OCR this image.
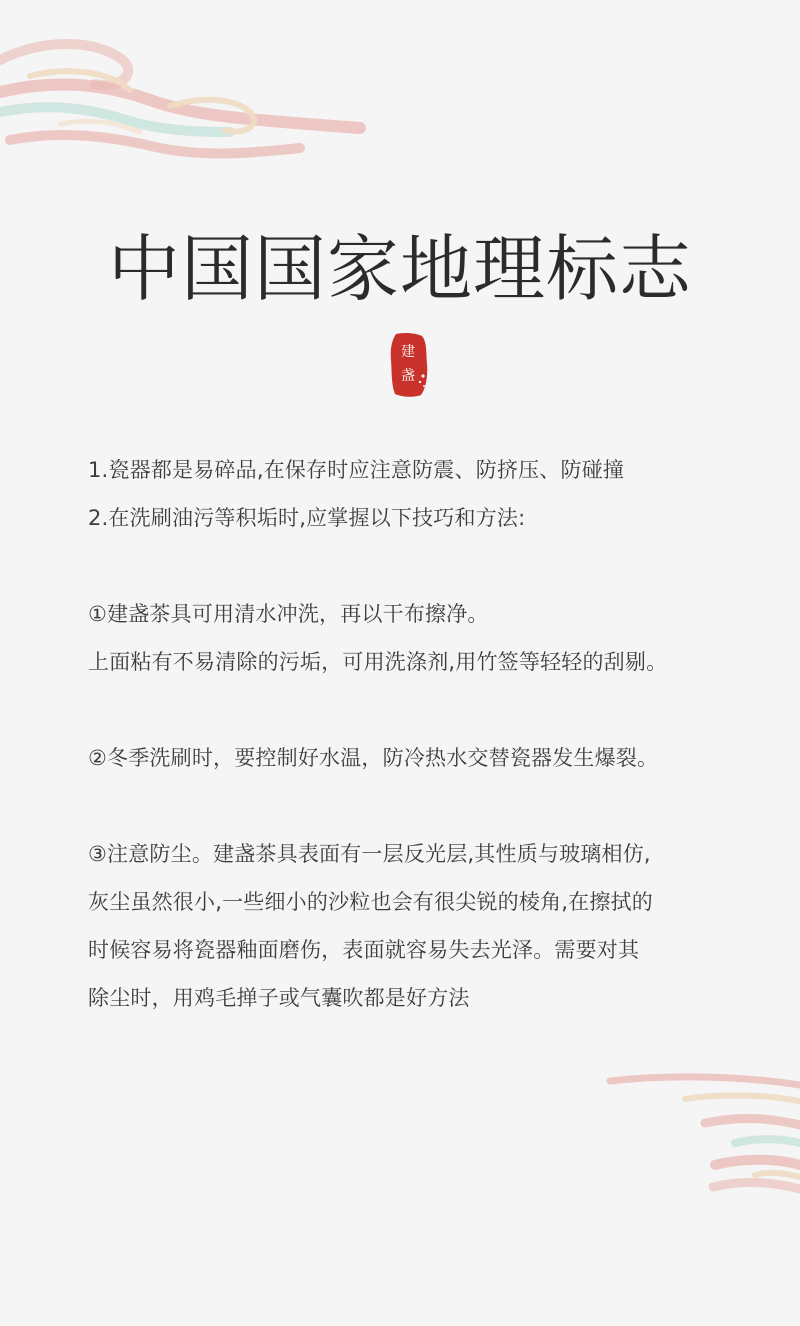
中国国家地理标志
建
盏
1.瓷器都是易碎品,在保存时应注意防震、防挤压、防碰撞
2.在洗刷油污等积垢时,应掌握以下技巧和方法:
①建盏茶具可用清水冲洗，再以干布擦净。
上面粘有不易清除的污垢，可用洗涤剂,用竹签等轻轻的刮剔。
②冬季洗刷时，要控制好水温，防冷热水交替瓷器发生爆裂。
③注意防尘。建盏茶具表面有一层反光层,其性质与玻璃相仿,
灰尘虽然很小,一些细小的沙粒也会有很尖锐的棱角,在擦拭的
时候容易将瓷器釉面磨伤，表面就容易失去光泽。需要对其
除尘时，用鸡毛掸子或气囊吹都是好方法
